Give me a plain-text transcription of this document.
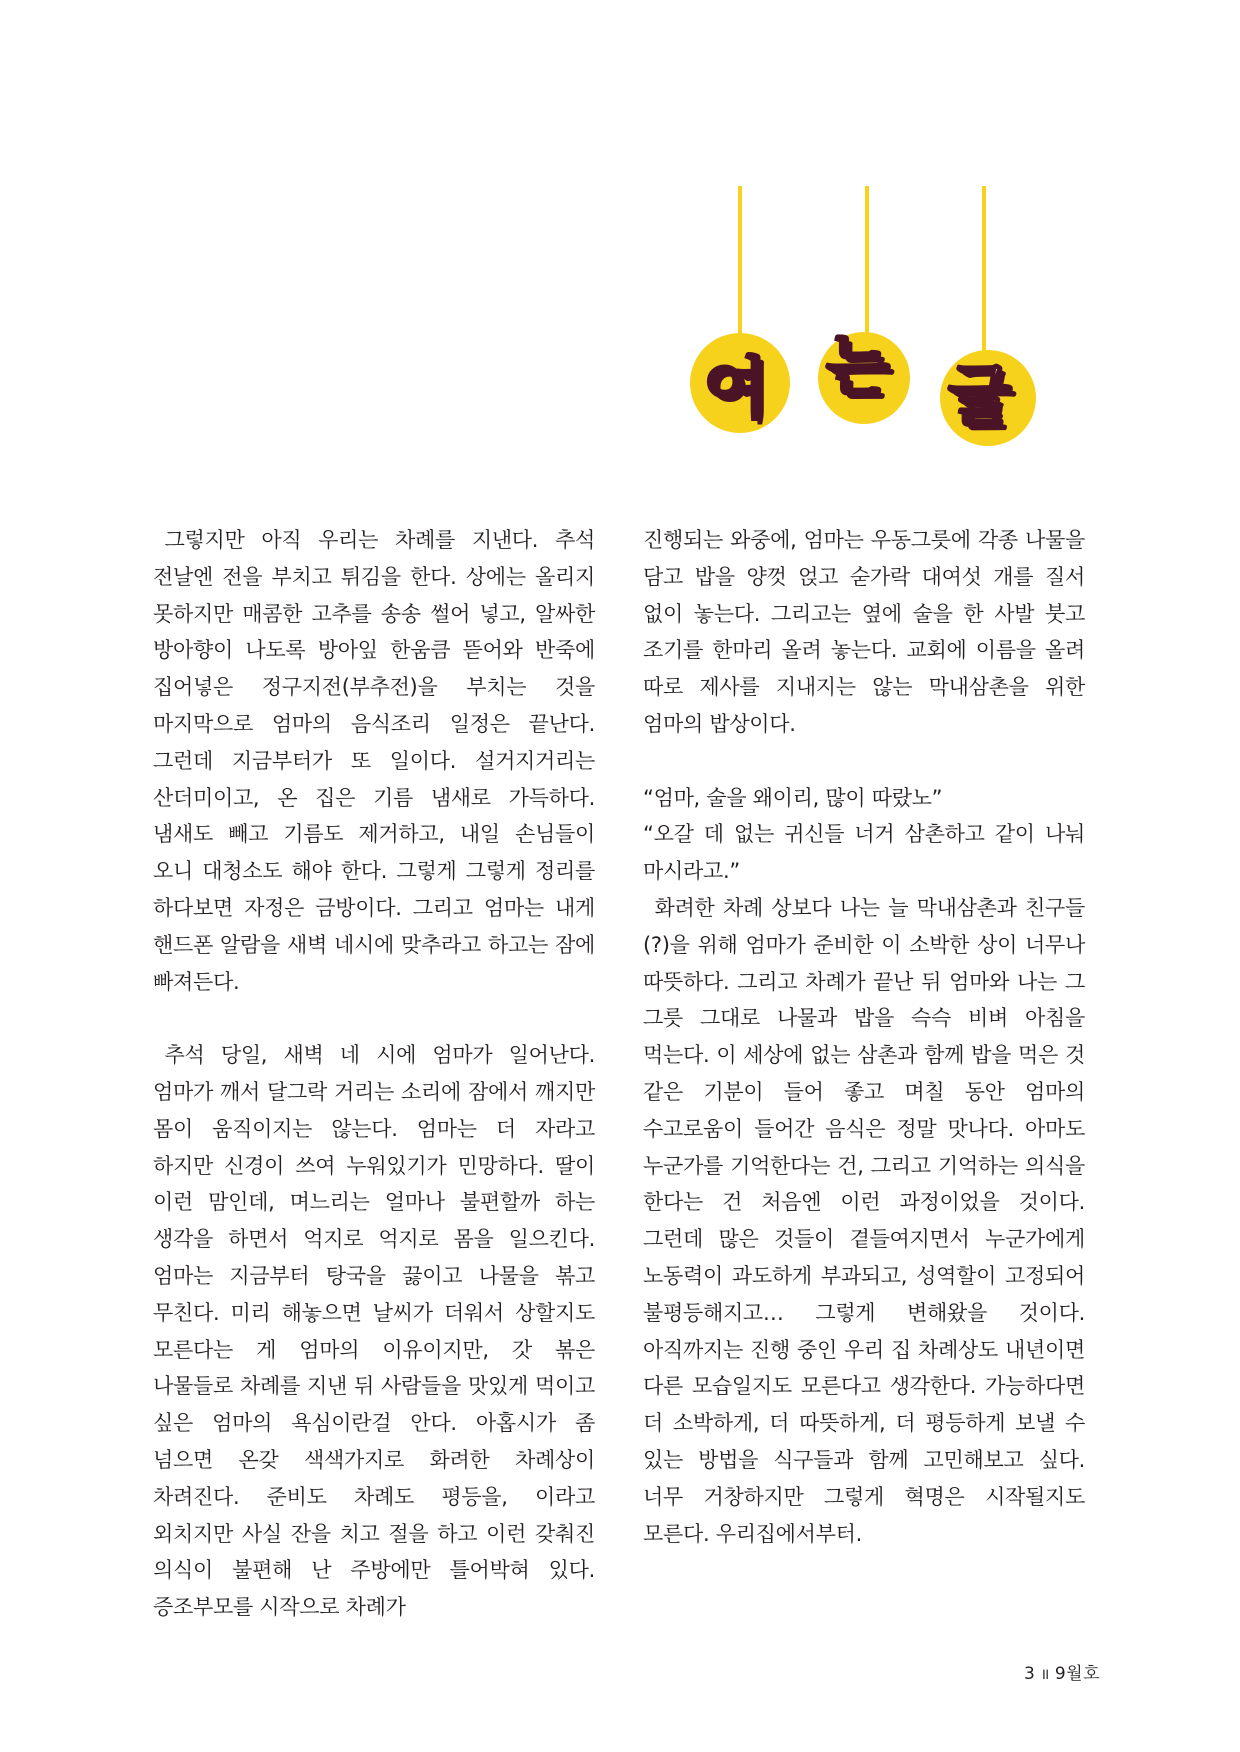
여 는 글

그렇지만 아직 우리는 차례를 지낸다. 추석 전날엔 전을 부치고 튀김을 한다. 상에는 올리지 못하지만 매콤한 고추를 송송 썰어 넣고, 알싸한 방아향이 나도록 방아잎 한움큼 뜯어와 반죽에 집어넣은 정구지전(부추전)을 부치는 것을 마지막으로 엄마의 음식조리 일정은 끝난다. 그런데 지금부터가 또 일이다. 설거지거리는 산더미이고, 온 집은 기름 냄새로 가득하다. 냄새도 빼고 기름도 제거하고, 내일 손님들이 오니 대청소도 해야 한다. 그렇게 그렇게 정리를 하다보면 자정은 금방이다. 그리고 엄마는 내게 핸드폰 알람을 새벽 네시에 맞추라고 하고는 잠에 빠져든다.

추석 당일, 새벽 네 시에 엄마가 일어난다. 엄마가 깨서 달그락 거리는 소리에 잠에서 깨지만 몸이 움직이지는 않는다. 엄마는 더 자라고 하지만 신경이 쓰여 누워있기가 민망하다. 딸이 이런 맘인데, 며느리는 얼마나 불편할까 하는 생각을 하면서 억지로 억지로 몸을 일으킨다. 엄마는 지금부터 탕국을 끓이고 나물을 볶고 무친다. 미리 해놓으면 날씨가 더워서 상할지도 모른다는 게 엄마의 이유이지만, 갓 볶은 나물들로 차례를 지낸 뒤 사람들을 맛있게 먹이고 싶은 엄마의 욕심이란걸 안다. 아홉시가 좀 넘으면 온갖 색색가지로 화려한 차례상이 차려진다. 준비도 차례도 평등을, 이라고 외치지만 사실 잔을 치고 절을 하고 이런 갖춰진 의식이 불편해 난 주방에만 틀어박혀 있다. 증조부모를 시작으로 차례가

진행되는 와중에, 엄마는 우동그릇에 각종 나물을 담고 밥을 양껏 얹고 숟가락 대여섯 개를 질서 없이 놓는다. 그리고는 옆에 술을 한 사발 붓고 조기를 한마리 올려 놓는다. 교회에 이름을 올려 따로 제사를 지내지는 않는 막내삼촌을 위한 엄마의 밥상이다.

“엄마, 술을 왜이리, 많이 따랐노”

“오갈 데 없는 귀신들 너거 삼촌하고 같이 나눠 마시라고.”

화려한 차례 상보다 나는 늘 막내삼촌과 친구들(?)을 위해 엄마가 준비한 이 소박한 상이 너무나 따뜻하다. 그리고 차례가 끝난 뒤 엄마와 나는 그 그릇 그대로 나물과 밥을 슥슥 비벼 아침을 먹는다. 이 세상에 없는 삼촌과 함께 밥을 먹은 것 같은 기분이 들어 좋고 며칠 동안 엄마의 수고로움이 들어간 음식은 정말 맛나다. 아마도 누군가를 기억한다는 건, 그리고 기억하는 의식을 한다는 건 처음엔 이런 과정이었을 것이다. 그런데 많은 것들이 곁들여지면서 누군가에게 노동력이 과도하게 부과되고, 성역할이 고정되어 불평등해지고… 그렇게 변해왔을 것이다. 아직까지는 진행 중인 우리 집 차례상도 내년이면 다른 모습일지도 모른다고 생각한다. 가능하다면 더 소박하게, 더 따뜻하게, 더 평등하게 보낼 수 있는 방법을 식구들과 함께 고민해보고 싶다. 너무 거창하지만 그렇게 혁명은 시작될지도 모른다. 우리집에서부터.

3 ॥ 9월호
